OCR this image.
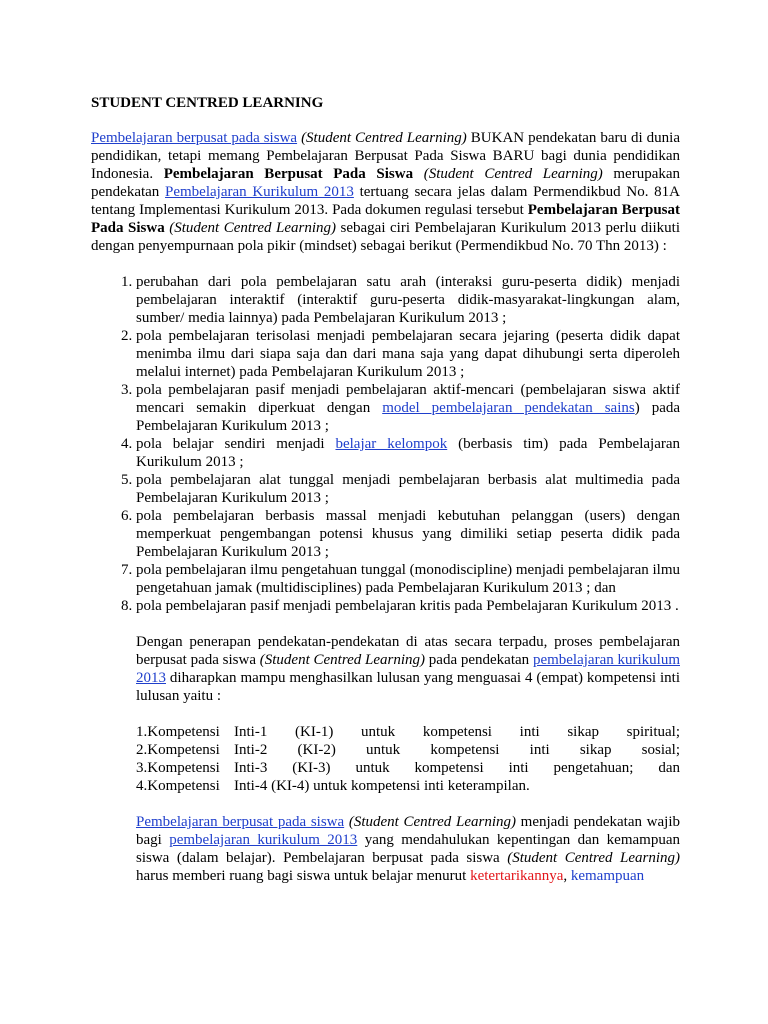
STUDENT CENTRED LEARNING

Pembelajaran berpusat pada siswa (Student Centred Learning) BUKAN pendekatan baru di dunia pendidikan, tetapi memang Pembelajaran Berpusat Pada Siswa BARU bagi dunia pendidikan Indonesia. Pembelajaran Berpusat Pada Siswa (Student Centred Learning) merupakan pendekatan Pembelajaran Kurikulum 2013 tertuang secara jelas dalam Permendikbud No. 81A tentang Implementasi Kurikulum 2013. Pada dokumen regulasi tersebut Pembelajaran Berpusat Pada Siswa (Student Centred Learning) sebagai ciri Pembelajaran Kurikulum 2013 perlu diikuti dengan penyempurnaan pola pikir (mindset) sebagai berikut (Permendikbud No. 70 Thn 2013) :

1. perubahan dari pola pembelajaran satu arah (interaksi guru-peserta didik) menjadi pembelajaran interaktif (interaktif guru-peserta didik-masyarakat-lingkungan alam, sumber/ media lainnya) pada Pembelajaran Kurikulum 2013 ;
2. pola pembelajaran terisolasi menjadi pembelajaran secara jejaring (peserta didik dapat menimba ilmu dari siapa saja dan dari mana saja yang dapat dihubungi serta diperoleh melalui internet) pada Pembelajaran Kurikulum 2013 ;
3. pola pembelajaran pasif menjadi pembelajaran aktif-mencari (pembelajaran siswa aktif mencari semakin diperkuat dengan model pembelajaran pendekatan sains) pada Pembelajaran Kurikulum 2013 ;
4. pola belajar sendiri menjadi belajar kelompok (berbasis tim) pada Pembelajaran Kurikulum 2013 ;
5. pola pembelajaran alat tunggal menjadi pembelajaran berbasis alat multimedia pada Pembelajaran Kurikulum 2013 ;
6. pola pembelajaran berbasis massal menjadi kebutuhan pelanggan (users) dengan memperkuat pengembangan potensi khusus yang dimiliki setiap peserta didik pada Pembelajaran Kurikulum 2013 ;
7. pola pembelajaran ilmu pengetahuan tunggal (monodiscipline) menjadi pembelajaran ilmu pengetahuan jamak (multidisciplines) pada Pembelajaran Kurikulum 2013 ; dan
8. pola pembelajaran pasif menjadi pembelajaran kritis pada Pembelajaran Kurikulum 2013 .

Dengan penerapan pendekatan-pendekatan di atas secara terpadu, proses pembelajaran berpusat pada siswa (Student Centred Learning) pada pendekatan pembelajaran kurikulum 2013 diharapkan mampu menghasilkan lulusan yang menguasai 4 (empat) kompetensi inti lulusan yaitu :

1.Kompetensi Inti-1 (KI-1) untuk kompetensi inti sikap spiritual;
2.Kompetensi Inti-2 (KI-2) untuk kompetensi inti sikap sosial;
3.Kompetensi Inti-3 (KI-3) untuk kompetensi inti pengetahuan; dan
4.Kompetensi Inti-4 (KI-4) untuk kompetensi inti keterampilan.

Pembelajaran berpusat pada siswa (Student Centred Learning) menjadi pendekatan wajib bagi pembelajaran kurikulum 2013 yang mendahulukan kepentingan dan kemampuan siswa (dalam belajar). Pembelajaran berpusat pada siswa (Student Centred Learning) harus memberi ruang bagi siswa untuk belajar menurut ketertarikannya, kemampuan
